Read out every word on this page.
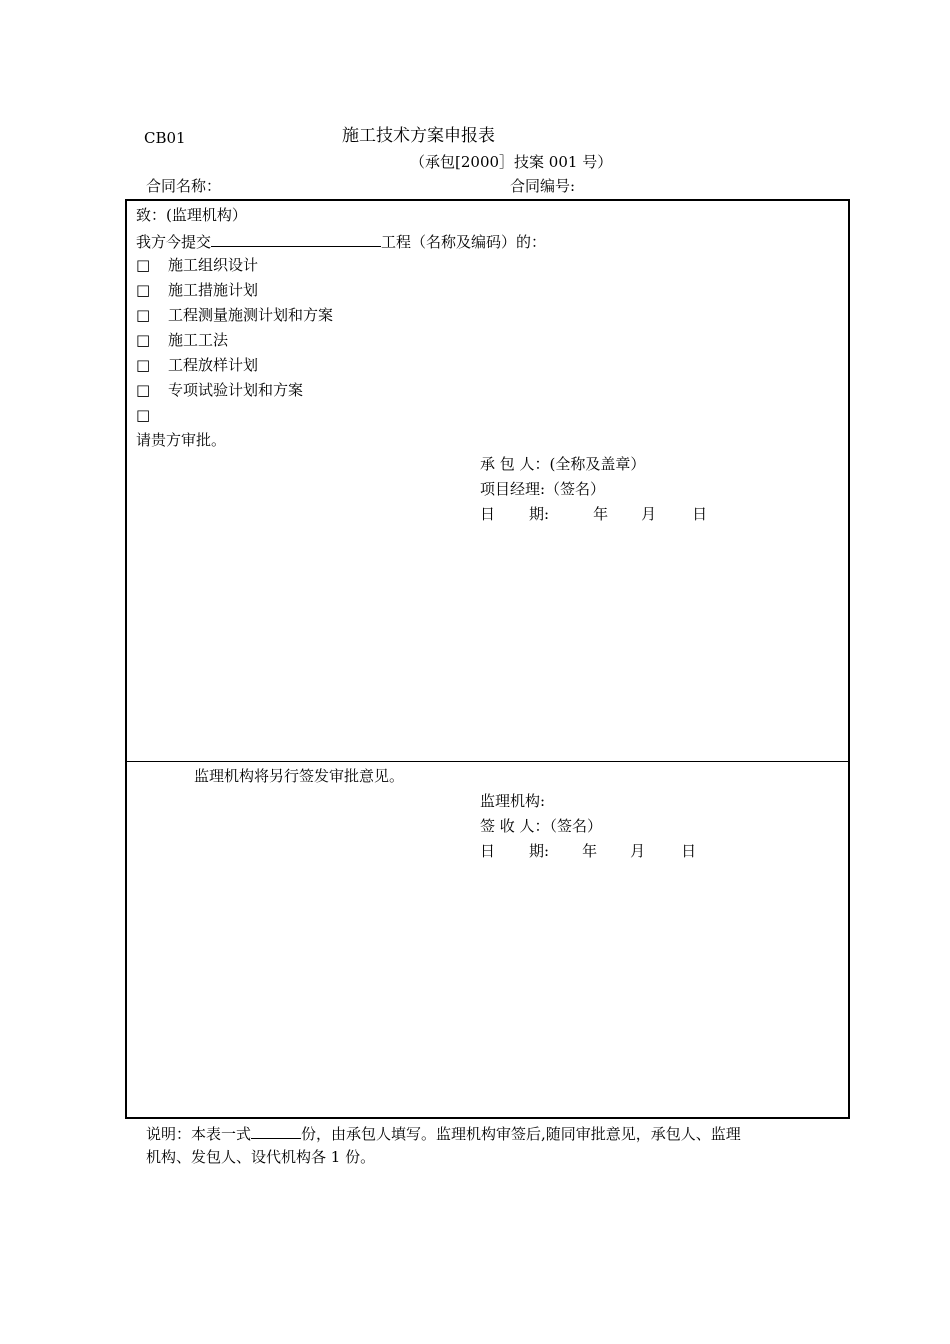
CB01	施工技术方案申报表
（承包[2000］技案 001 号）
合同名称：	合同编号:
致：(监理机构）
我方今提交	工程（名称及编码）的：
□ 施工组织设计
□ 施工措施计划
□ 工程测量施测计划和方案
□ 施工工法
□ 工程放样计划
□ 专项试验计划和方案
□
请贵方审批。
承 包 人：(全称及盖章）
项目经理:（签名）
日 期:	年 月 日
监理机构将另行签发审批意见。
监理机构:
签 收 人：（签名）
日 期: 年 月 日
说明：本表一式	份，由承包人填写。监理机构审签后,随同审批意见，承包人、监理
机构、发包人、设代机构各 1 份。
